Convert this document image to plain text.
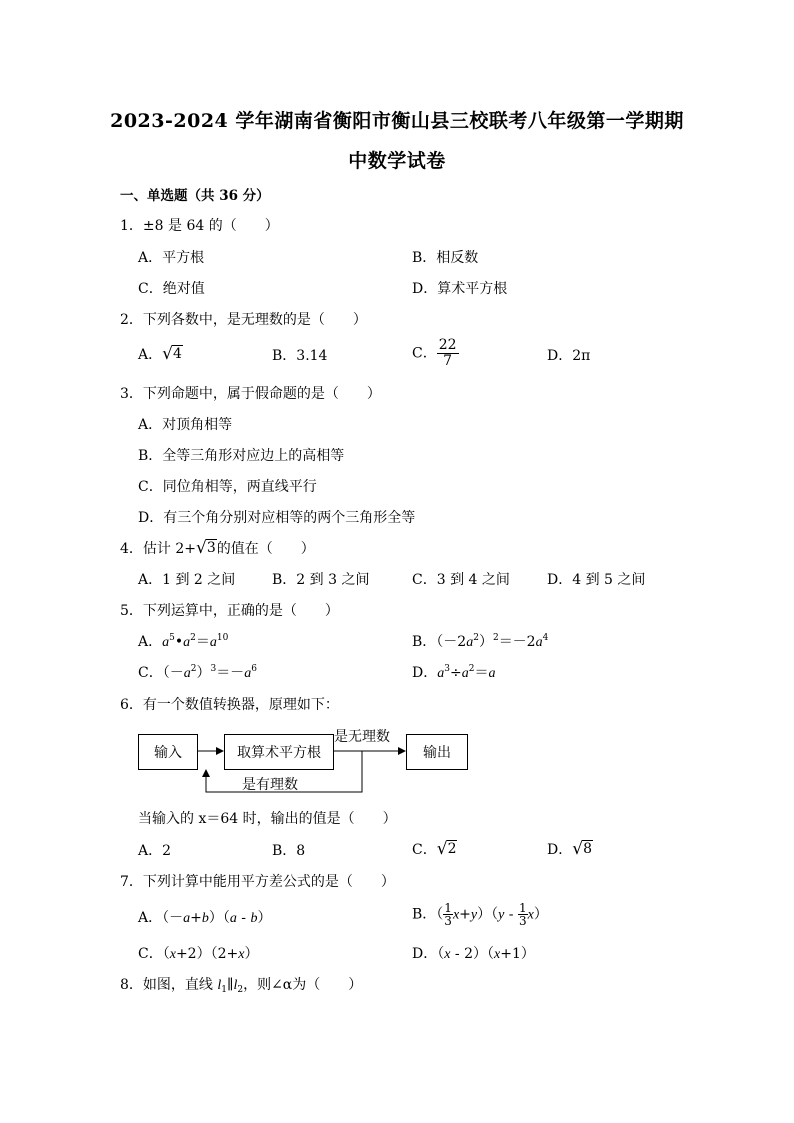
2023-2024 学年湖南省衡阳市衡山县三校联考八年级第一学期期
中数学试卷
一、单选题（共 36 分）
1．±8 是 64 的（　　）
A．平方根	B．相反数
C．绝对值	D．算术平方根
2．下列各数中，是无理数的是（　　）
A． √ 4	B．3.14	C． $\frac{22}{7}$	D．2π
3．下列命题中，属于假命题的是（　　）
A．对顶角相等
B．全等三角形对应边上的高相等
C．同位角相等，两直线平行
D．有三个角分别对应相等的两个三角形全等
4．估计 2+ √ 3 的值在（　　）
A．1 到 2 之间	B．2 到 3 之间	C．3 到 4 之间	D．4 到 5 之间
5．下列运算中，正确的是（　　）
A．$a^5•a^2=a^{10}$	B．$(-2a^2)^2=-2a^4$
C．$(-a^2)^3=-a^6$	D．$a^3\div a^2=a$
6．有一个数值转换器，原理如下：
输入	取算术平方根	输出
是无理数
是有理数
当输入的 x＝64 时，输出的值是（　　）
A．2	B．8	C． √ 2	D． √ 8
7．下列计算中能用平方差公式的是（　　）
A．（－a+b）（a - b）	B．（ $\frac{1}{3} x+y)(y - \frac{1}{3} x)$
C．（x+2）（2+x）	D．（x - 2）（x+1）
8．如图，直线 $l_1\parallel l_2$，则∠α为（　　）
